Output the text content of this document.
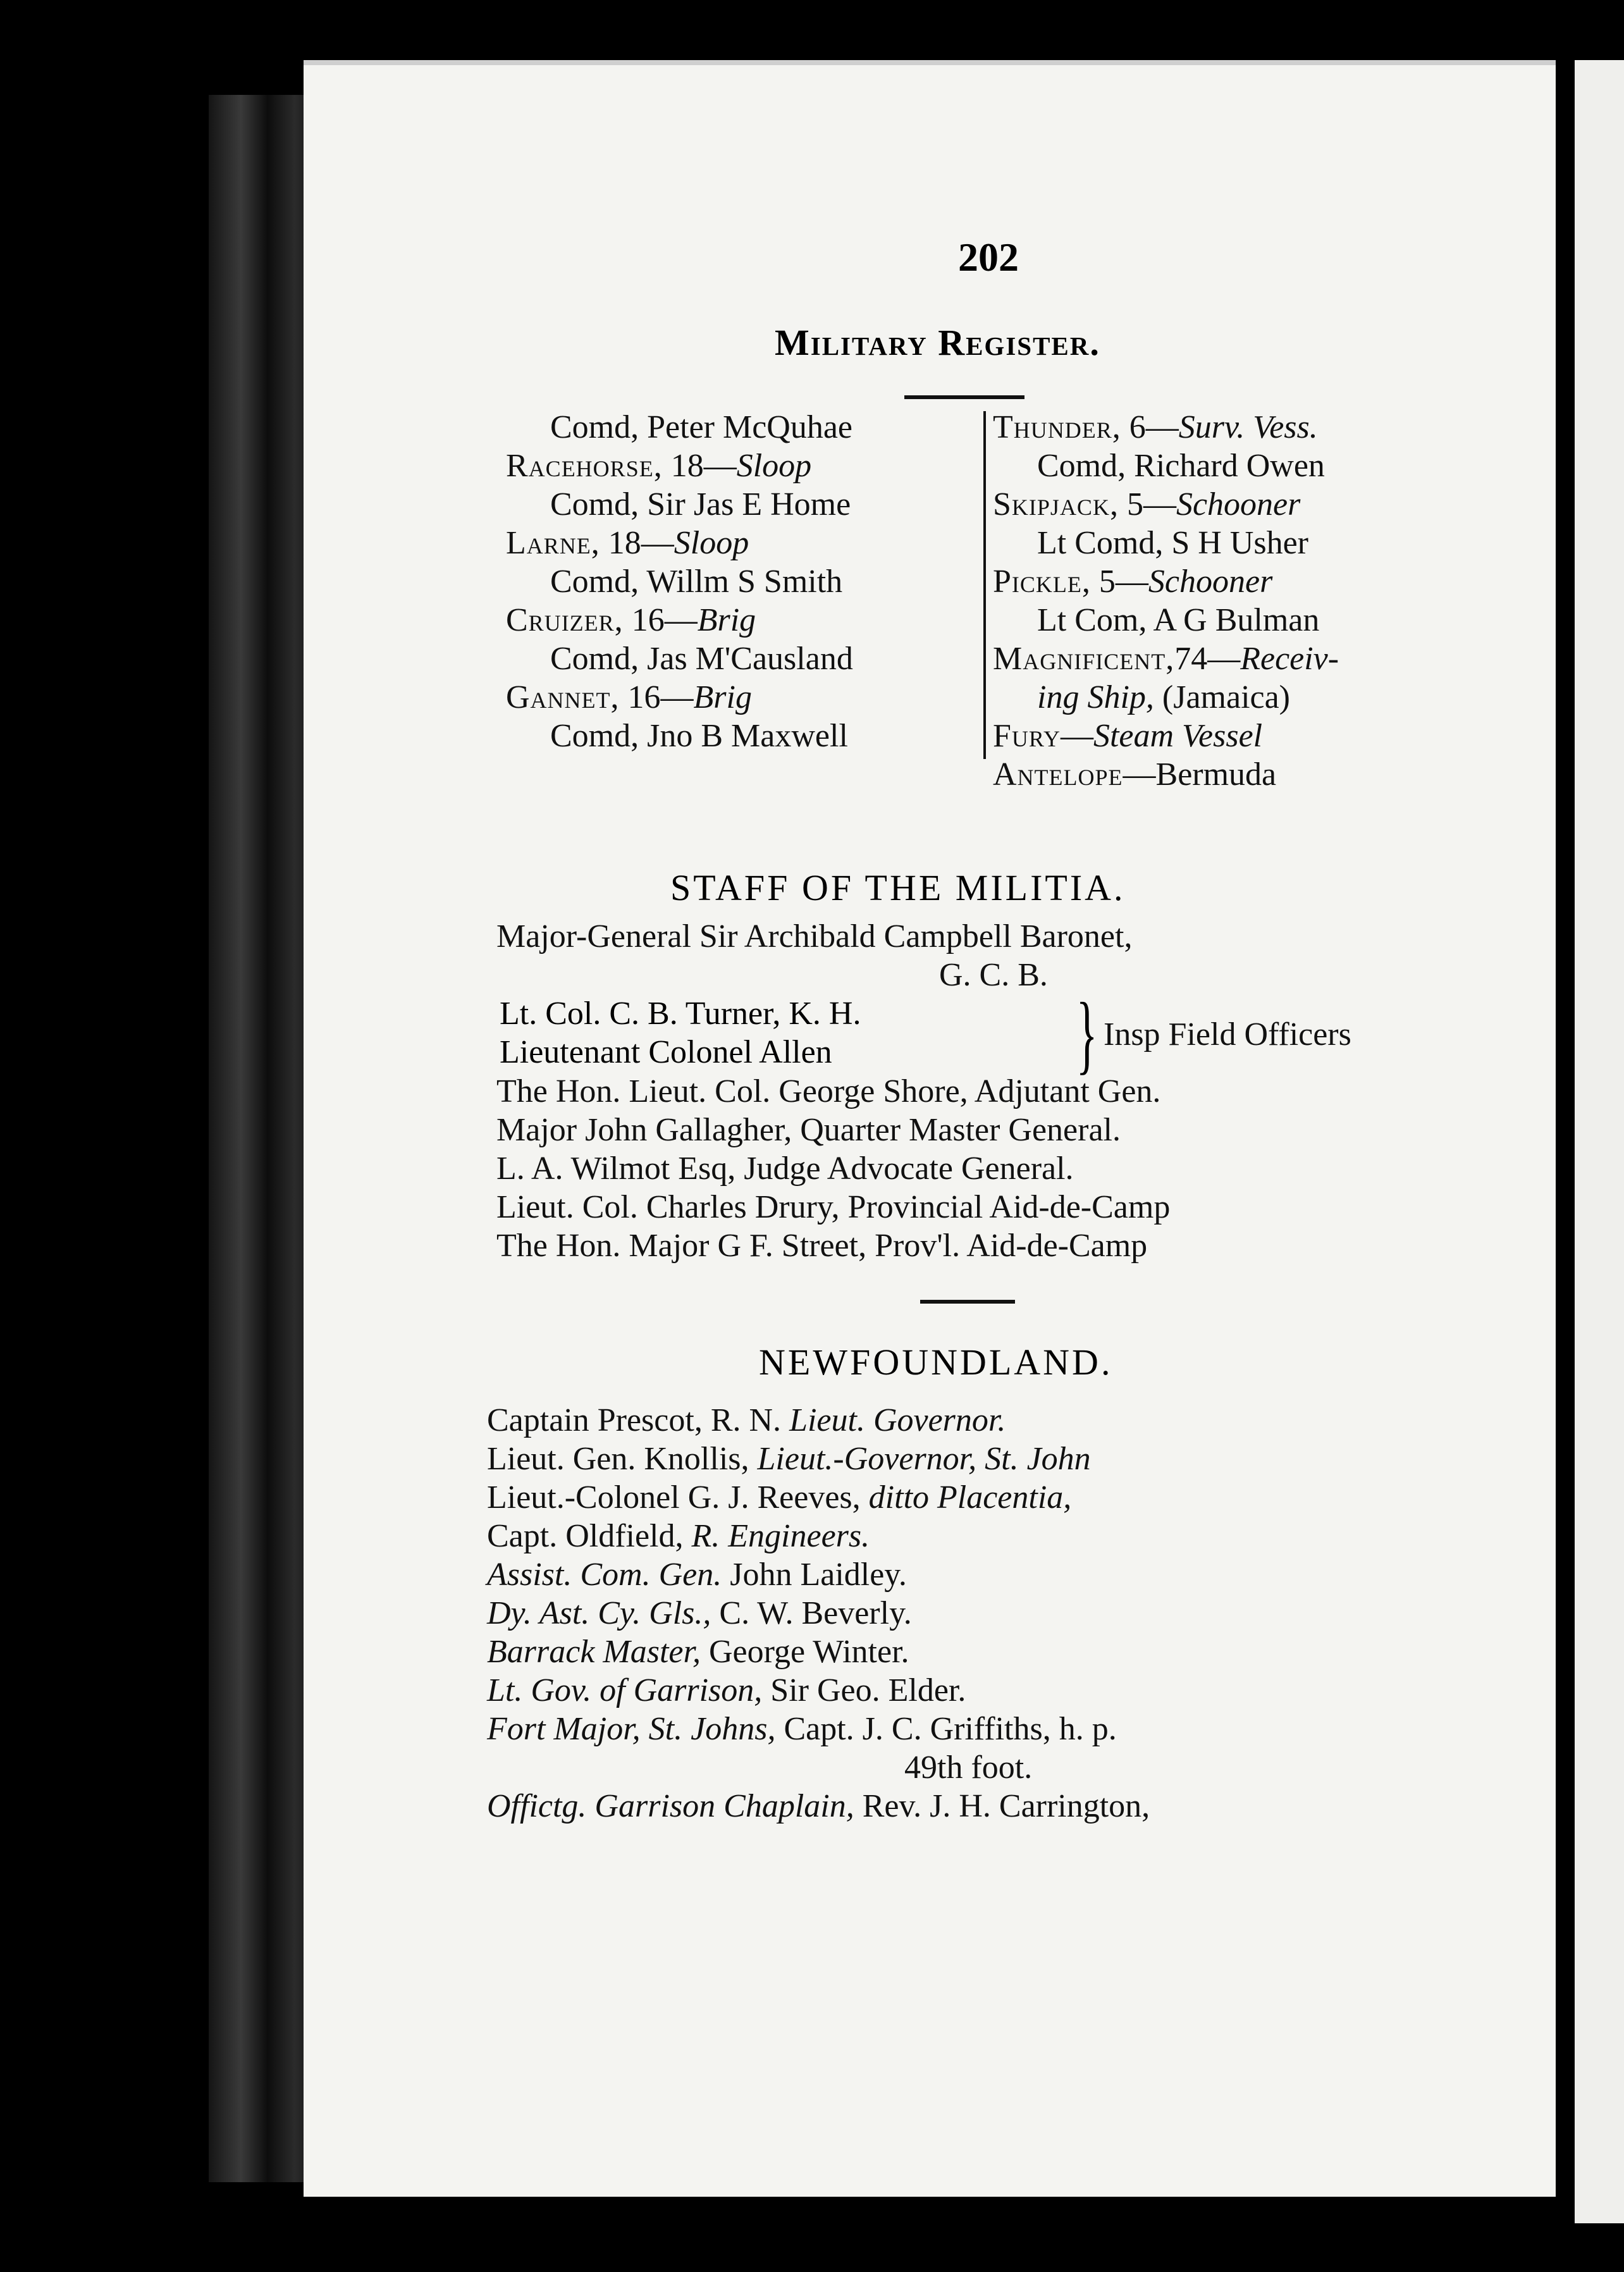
202

Military Register.

Comd, Peter McQuhae
Racehorse, 18—Sloop
Comd, Sir Jas E Home
Larne, 18—Sloop
Comd, Willm S Smith
Cruizer, 16—Brig
Comd, Jas M'Causland
Gannet, 16—Brig
Comd, Jno B Maxwell
Thunder, 6—Surv. Vess.
Comd, Richard Owen
Skipjack, 5—Schooner
Lt Comd, S H Usher
Pickle, 5—Schooner
Lt Com, A G Bulman
Magnificent,74—Receiv-
ing Ship, (Jamaica)
Fury—Steam Vessel
Antelope—Bermuda
STAFF OF THE MILITIA.
Major-General Sir Archibald Campbell Baronet,
G. C. B.
Lt. Col. C. B. Turner, K. H.
Lieutenant Colonel Allen	} Insp Field Officers
The Hon. Lieut. Col. George Shore, Adjutant Gen.
Major John Gallagher, Quarter Master General.
L. A. Wilmot Esq, Judge Advocate General.
Lieut. Col. Charles Drury, Provincial Aid-de-Camp
The Hon. Major G F. Street, Prov'l. Aid-de-Camp
NEWFOUNDLAND.
Captain Prescot, R. N. Lieut. Governor.
Lieut. Gen. Knollis, Lieut.-Governor, St. John
Lieut.-Colonel G. J. Reeves, ditto Placentia,
Capt. Oldfield, R. Engineers.
Assist. Com. Gen. John Laidley.
Dy. Ast. Cy. Gls., C. W. Beverly.
Barrack Master, George Winter.
Lt. Gov. of Garrison, Sir Geo. Elder.
Fort Major, St. Johns, Capt. J. C. Griffiths, h. p.
49th foot.
Offictg. Garrison Chaplain, Rev. J. H. Carrington,
